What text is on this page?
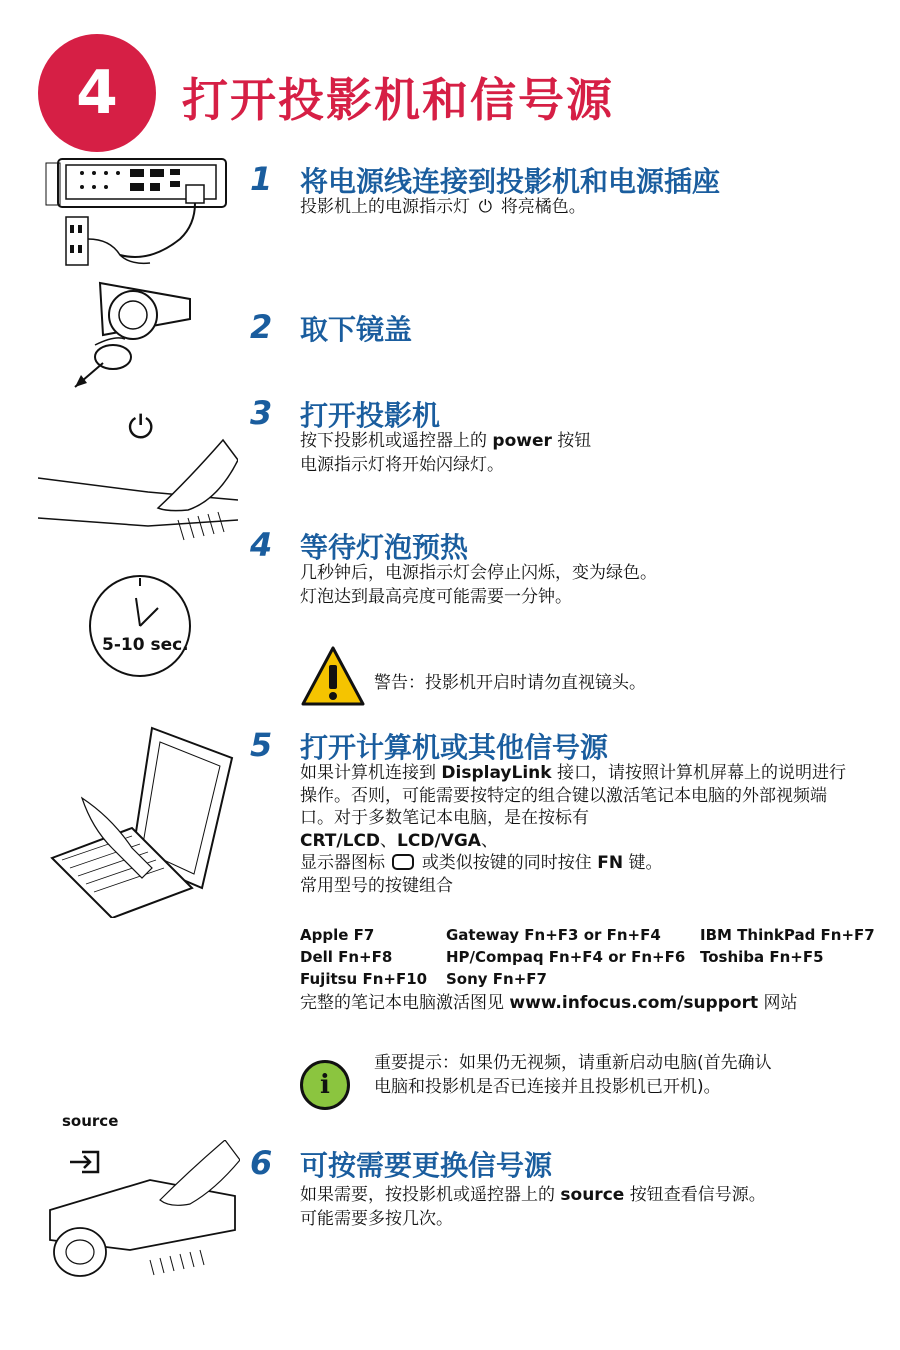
4 打开投影机和信号源
⏻
5-10 sec.
source
1 将电源线连接到投影机和电源插座
投影机上的电源指示灯 ⏻ 将亮橘色。
2 取下镜盖
3 打开投影机
按下投影机或遥控器上的 power 按钮
电源指示灯将开始闪绿灯。
4 等待灯泡预热
几秒钟后，电源指示灯会停止闪烁，变为绿色。
灯泡达到最高亮度可能需要一分钟。
警告：投影机开启时请勿直视镜头。
5 打开计算机或其他信号源
如果计算机连接到 DisplayLink 接口，请按照计算机屏幕上的说明进行操作。否则，可能需要按特定的组合键以激活笔记本电脑的外部视频端口。对于多数笔记本电脑，是在按标有
CRT/LCD、LCD/VGA、
显示器图标 或类似按键的同时按住 FN 键。
常用型号的按键组合
Apple F7	Gateway Fn+F3 or Fn+F4	IBM ThinkPad Fn+F7
Dell Fn+F8	HP/Compaq Fn+F4 or Fn+F6 Toshiba Fn+F5
Fujitsu Fn+F10 Sony Fn+F7
完整的笔记本电脑激活图见 www.infocus.com/support 网站
i
重要提示：如果仍无视频，请重新启动电脑(首先确认
电脑和投影机是否已连接并且投影机已开机)。
6 可按需要更换信号源
如果需要，按投影机或遥控器上的 source 按钮查看信号源。
可能需要多按几次。
